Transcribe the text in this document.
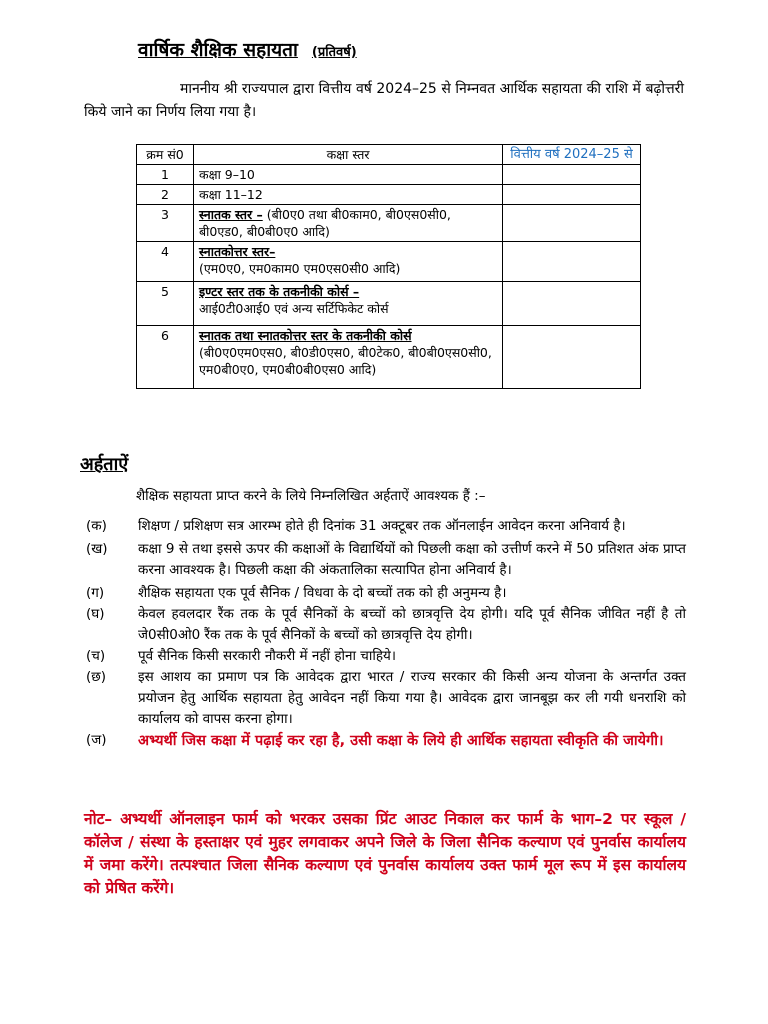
वार्षिक शैक्षिक सहायता (प्रतिवर्ष)
माननीय श्री राज्यपाल द्वारा वित्तीय वर्ष 2024–25 से निम्नवत आर्थिक सहायता की राशि में बढ़ोत्तरी किये जाने का निर्णय लिया गया है।
क्रम सं0	कक्षा स्तर	वित्तीय वर्ष 2024–25 से
1	कक्षा 9–10	
2	कक्षा 11–12	
3	स्नातक स्तर – (बी0ए0 तथा बी0काम0, बी0एस0सी0, बी0एड0, बी0बी0ए0 आदि)	
4	स्नातकोत्तर स्तर–
(एम0ए0, एम0काम0 एम0एस0सी0 आदि)	

5	इण्टर स्तर तक के तकनीकी कोर्स –
आई0टी0आई0 एवं अन्य सर्टिफिकेट कोर्स	

6	स्नातक तथा स्नातकोत्तर स्तर के तकनीकी कोर्स
(बी0ए0एम0एस0, बी0डी0एस0, बी0टेक0, बी0बी0एस0सी0, एम0बी0ए0, एम0बी0बी0एस0 आदि)	

अर्हताऐं
शैक्षिक सहायता प्राप्त करने के लिये निम्नलिखित अर्हताऐं आवश्यक हैं :–
(क)	शिक्षण / प्रशिक्षण सत्र आरम्भ होते ही दिनांक 31 अक्टूबर तक ऑनलाईन आवेदन करना अनिवार्य है।
(ख)	कक्षा 9 से तथा इससे ऊपर की कक्षाओं के विद्यार्थियों को पिछली कक्षा को उत्तीर्ण करने में 50 प्रतिशत अंक प्राप्त करना आवश्यक है। पिछली कक्षा की अंकतालिका सत्यापित होना अनिवार्य है।
(ग)	शैक्षिक सहायता एक पूर्व सैनिक / विधवा के दो बच्चों तक को ही अनुमन्य है।
(घ)	केवल हवलदार रैंक तक के पूर्व सैनिकों के बच्चों को छात्रवृत्ति देय होगी। यदि पूर्व सैनिक जीवित नहीं है तो जे0सी0ओ0 रैंक तक के पूर्व सैनिकों के बच्चों को छात्रवृत्ति देय होगी।
(च)	पूर्व सैनिक किसी सरकारी नौकरी में नहीं होना चाहिये।
(छ)	इस आशय का प्रमाण पत्र कि आवेदक द्वारा भारत / राज्य सरकार की किसी अन्य योजना के अन्तर्गत उक्त प्रयोजन हेतु आर्थिक सहायता हेतु आवेदन नहीं किया गया है। आवेदक द्वारा जानबूझ कर ली गयी धनराशि को कार्यालय को वापस करना होगा।
(ज)	अभ्यर्थी जिस कक्षा में पढ़ाई कर रहा है, उसी कक्षा के लिये ही आर्थिक सहायता स्वीकृति की जायेगी।
नोट– अभ्यर्थी ऑनलाइन फार्म को भरकर उसका प्रिंट आउट निकाल कर फार्म के भाग–2 पर स्कूल / कॉलेज / संस्था के हस्ताक्षर एवं मुहर लगवाकर अपने जिले के जिला सैनिक कल्याण एवं पुनर्वास कार्यालय में जमा करेंगे। तत्पश्चात जिला सैनिक कल्याण एवं पुनर्वास कार्यालय उक्त फार्म मूल रूप में इस कार्यालय को प्रेषित करेंगे।
